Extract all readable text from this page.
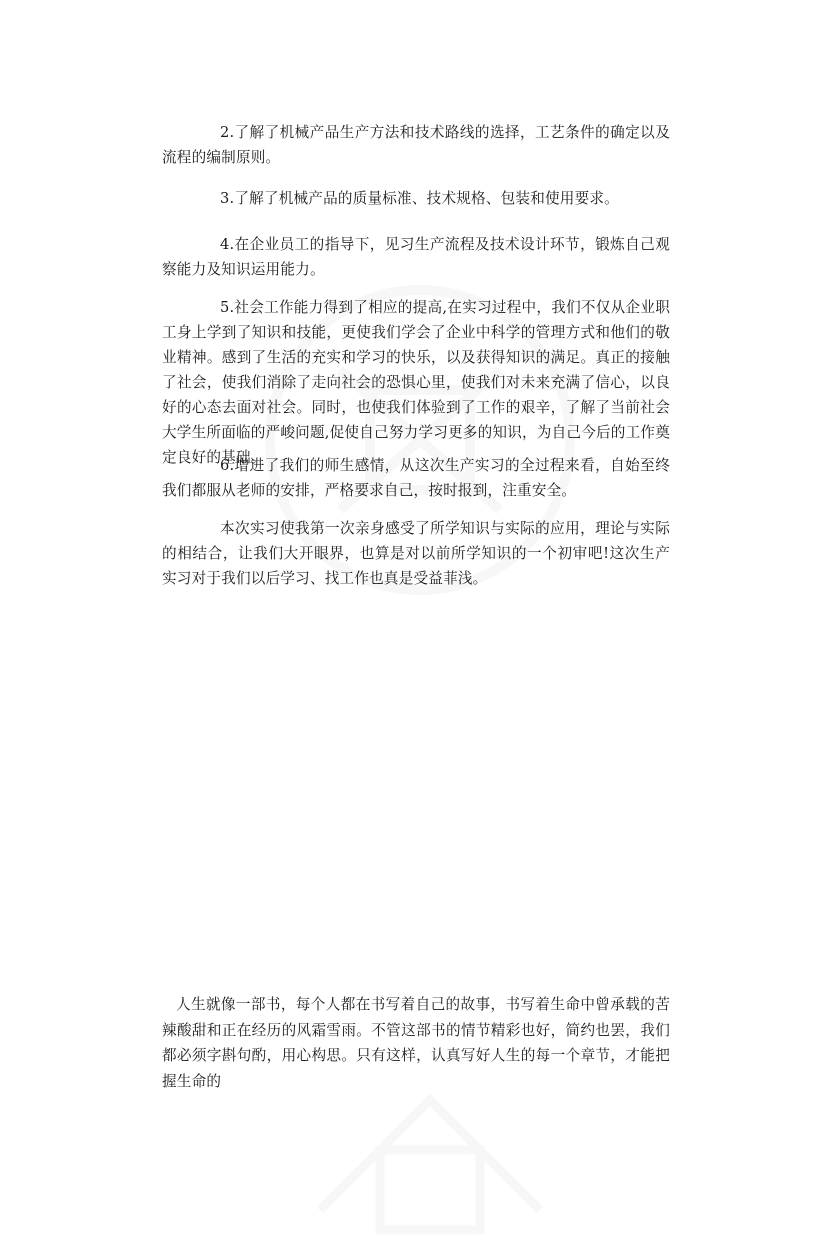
2.了解了机械产品生产方法和技术路线的选择，工艺条件的确定以及流程的编制原则。

3.了解了机械产品的质量标准、技术规格、包装和使用要求。

4.在企业员工的指导下，见习生产流程及技术设计环节，锻炼自己观察能力及知识运用能力。

5.社会工作能力得到了相应的提高,在实习过程中，我们不仅从企业职工身上学到了知识和技能，更使我们学会了企业中科学的管理方式和他们的敬业精神。感到了生活的充实和学习的快乐，以及获得知识的满足。真正的接触了社会，使我们消除了走向社会的恐惧心里，使我们对未来充满了信心，以良好的心态去面对社会。同时，也使我们体验到了工作的艰辛，了解了当前社会大学生所面临的严峻问题,促使自己努力学习更多的知识，为自己今后的工作奠定良好的基础。

6.增进了我们的师生感情，从这次生产实习的全过程来看，自始至终我们都服从老师的安排，严格要求自己，按时报到，注重安全。

本次实习使我第一次亲身感受了所学知识与实际的应用，理论与实际的相结合，让我们大开眼界，也算是对以前所学知识的一个初审吧!这次生产实习对于我们以后学习、找工作也真是受益菲浅。

人生就像一部书，每个人都在书写着自己的故事，书写着生命中曾承载的苦辣酸甜和正在经历的风霜雪雨。不管这部书的情节精彩也好，简约也罢，我们都必须字斟句酌，用心构思。只有这样，认真写好人生的每一个章节，才能把握生命的
